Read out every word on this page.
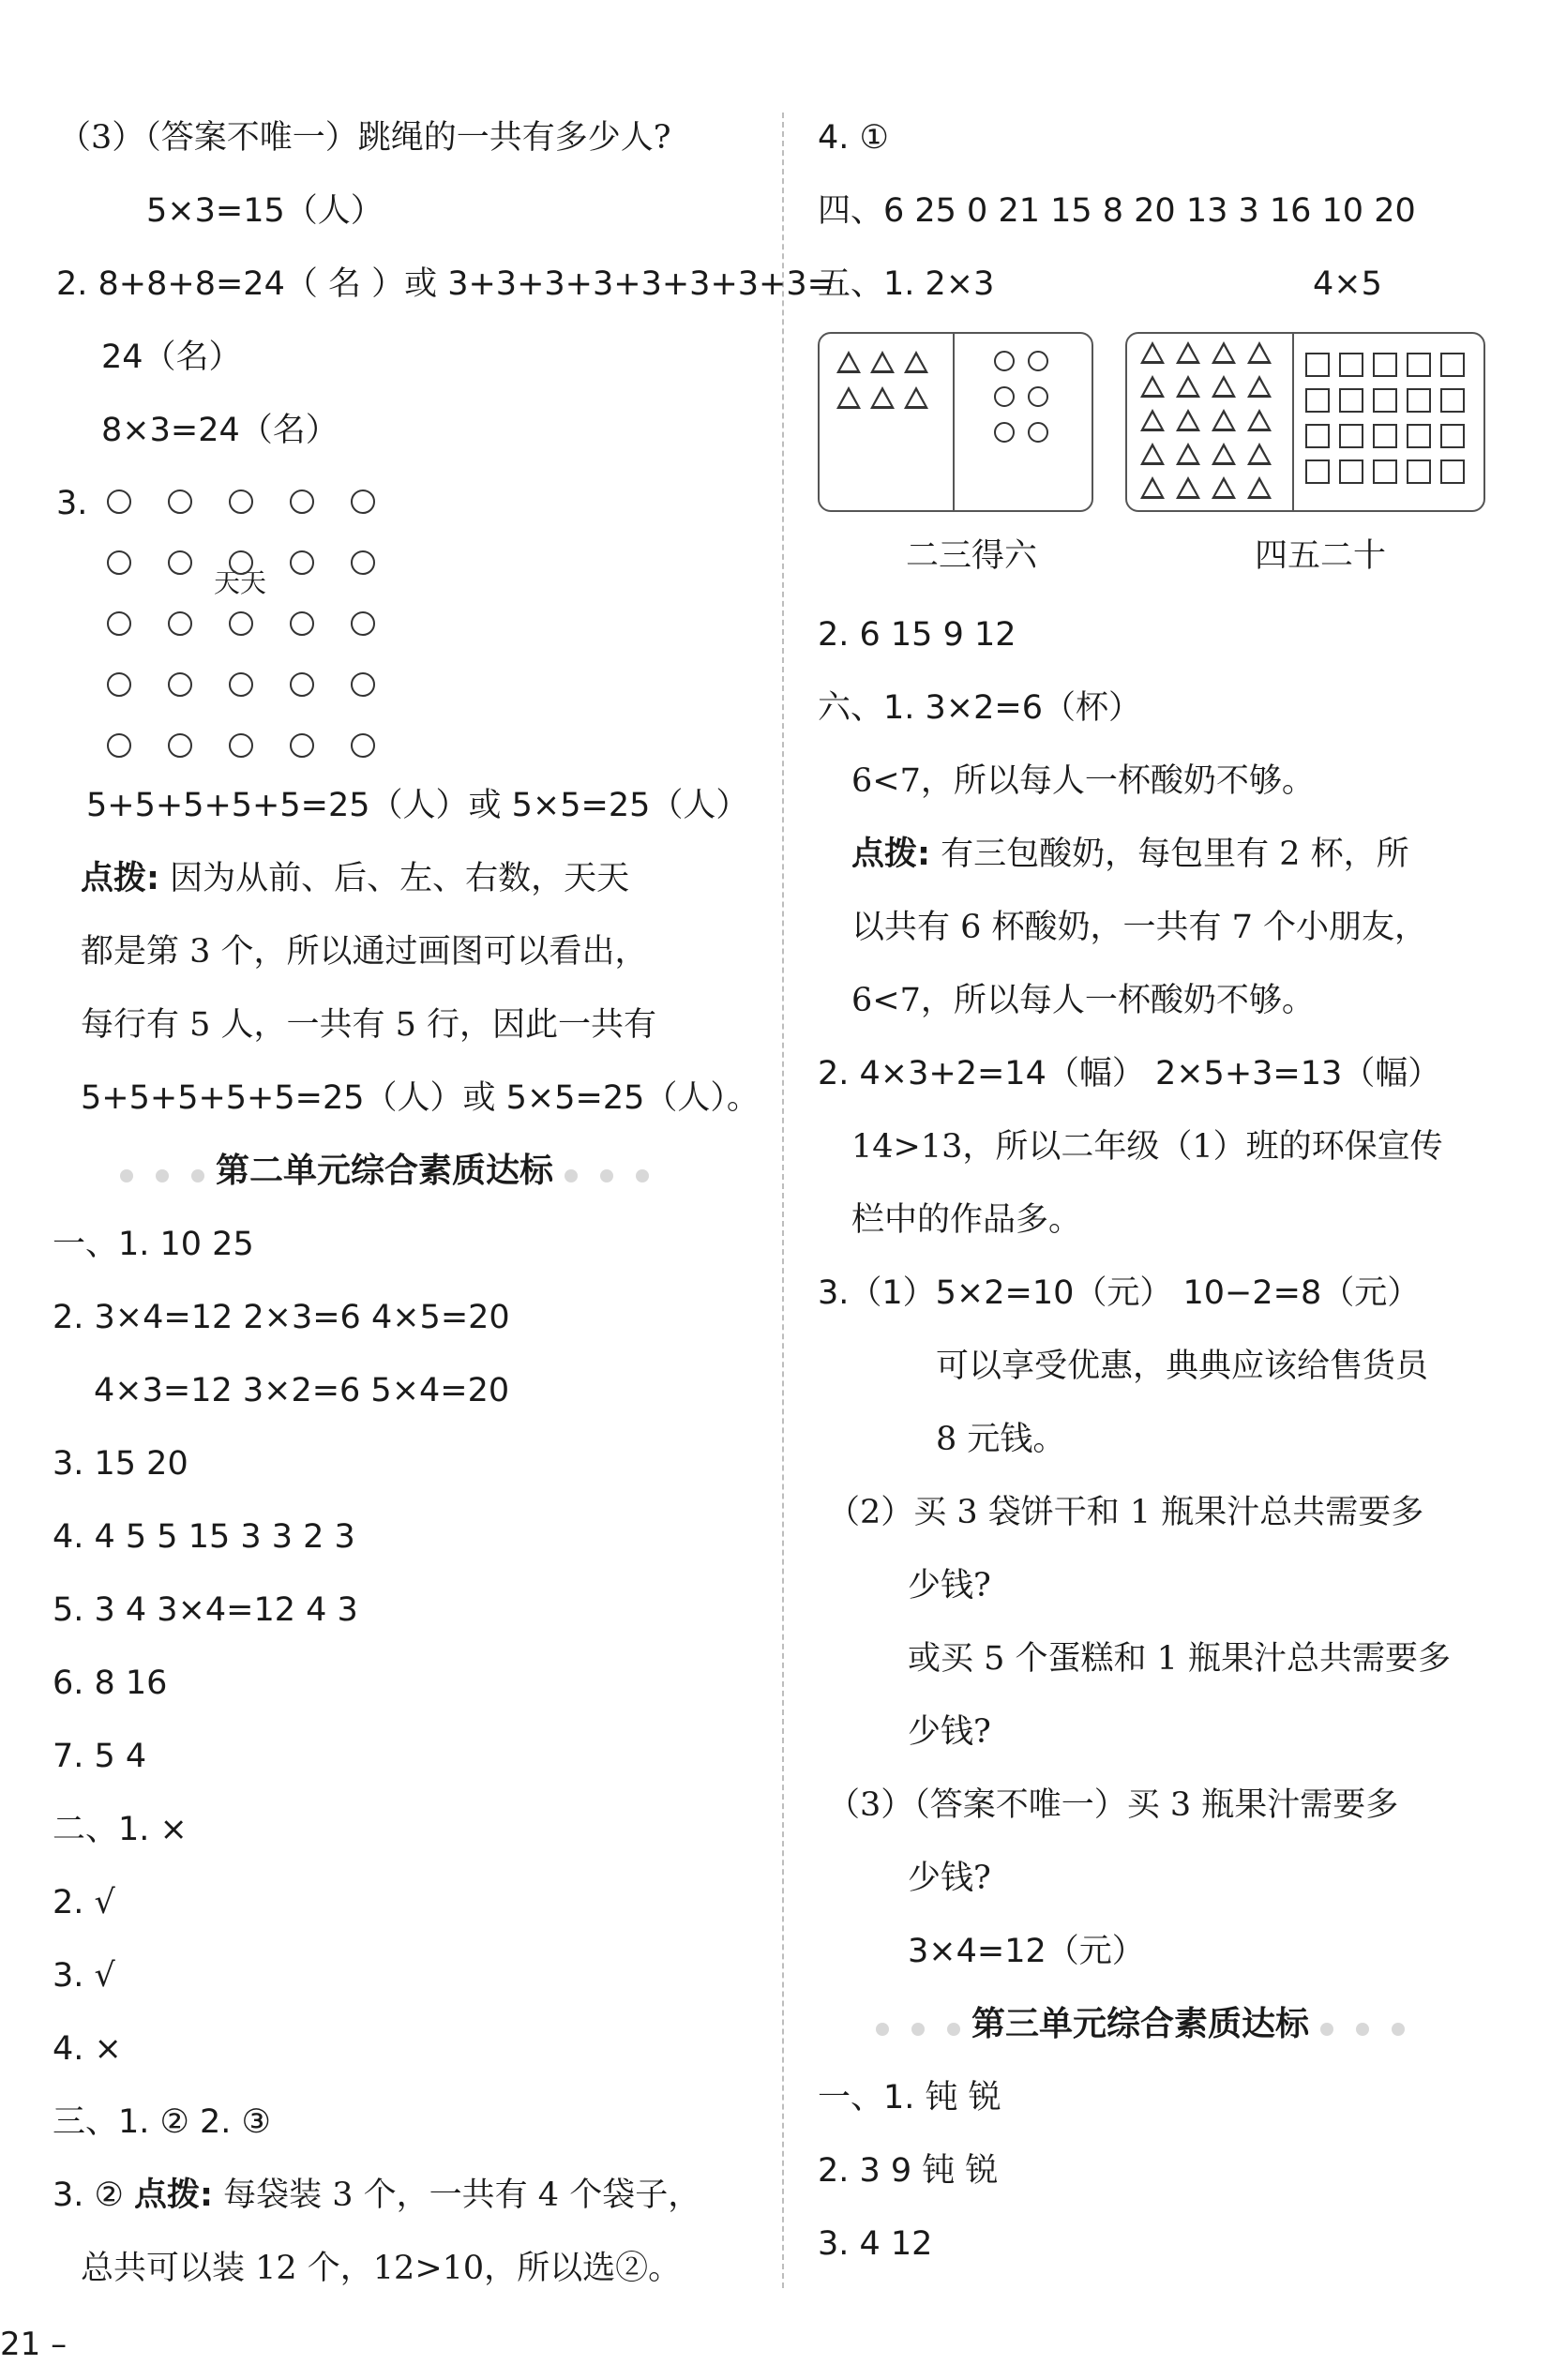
（3）（答案不唯一）跳绳的一共有多少人?
5×3=15（人）
2. 8+8+8=24（ 名 ）或 3+3+3+3+3+3+3+3=
24（名）
8×3=24（名）
3.
天天
5+5+5+5+5=25（人）或 5×5=25（人）
点拨: 因为从前、后、左、右数，天天
都是第 3 个，所以通过画图可以看出，
每行有 5 人，一共有 5 行，因此一共有
5+5+5+5+5=25（人）或 5×5=25（人）。
第二单元综合素质达标
一、1. 10 25
2. 3×4=12 2×3=6 4×5=20
4×3=12 3×2=6 5×4=20
3. 15 20
4. 4 5 5 15 3 3 2 3
5. 3 4 3×4=12 4 3
6. 8 16
7. 5 4
二、1. ×
2. √
3. √
4. ×
三、1. ② 2. ③
3. ② 点拨: 每袋装 3 个，一共有 4 个袋子，
总共可以装 12 个，12>10，所以选②。
4. ①
四、6 25 0 21 15 8 20 13 3 16 10 20
五、1. 2×3	4×5
二三得六	四五二十
2. 6 15 9 12
六、1. 3×2=6（杯）
6<7，所以每人一杯酸奶不够。
点拨: 有三包酸奶，每包里有 2 杯，所
以共有 6 杯酸奶，一共有 7 个小朋友，
6<7，所以每人一杯酸奶不够。
2. 4×3+2=14（幅） 2×5+3=13（幅）
14>13，所以二年级（1）班的环保宣传
栏中的作品多。
3.（1）5×2=10（元） 10−2=8（元）
可以享受优惠，典典应该给售货员
8 元钱。
（2）买 3 袋饼干和 1 瓶果汁总共需要多
少钱?
或买 5 个蛋糕和 1 瓶果汁总共需要多
少钱?
（3）（答案不唯一）买 3 瓶果汁需要多
少钱?
3×4=12（元）
第三单元综合素质达标
一、1. 钝 锐
2. 3 9 钝 锐
3. 4 12
21 –
